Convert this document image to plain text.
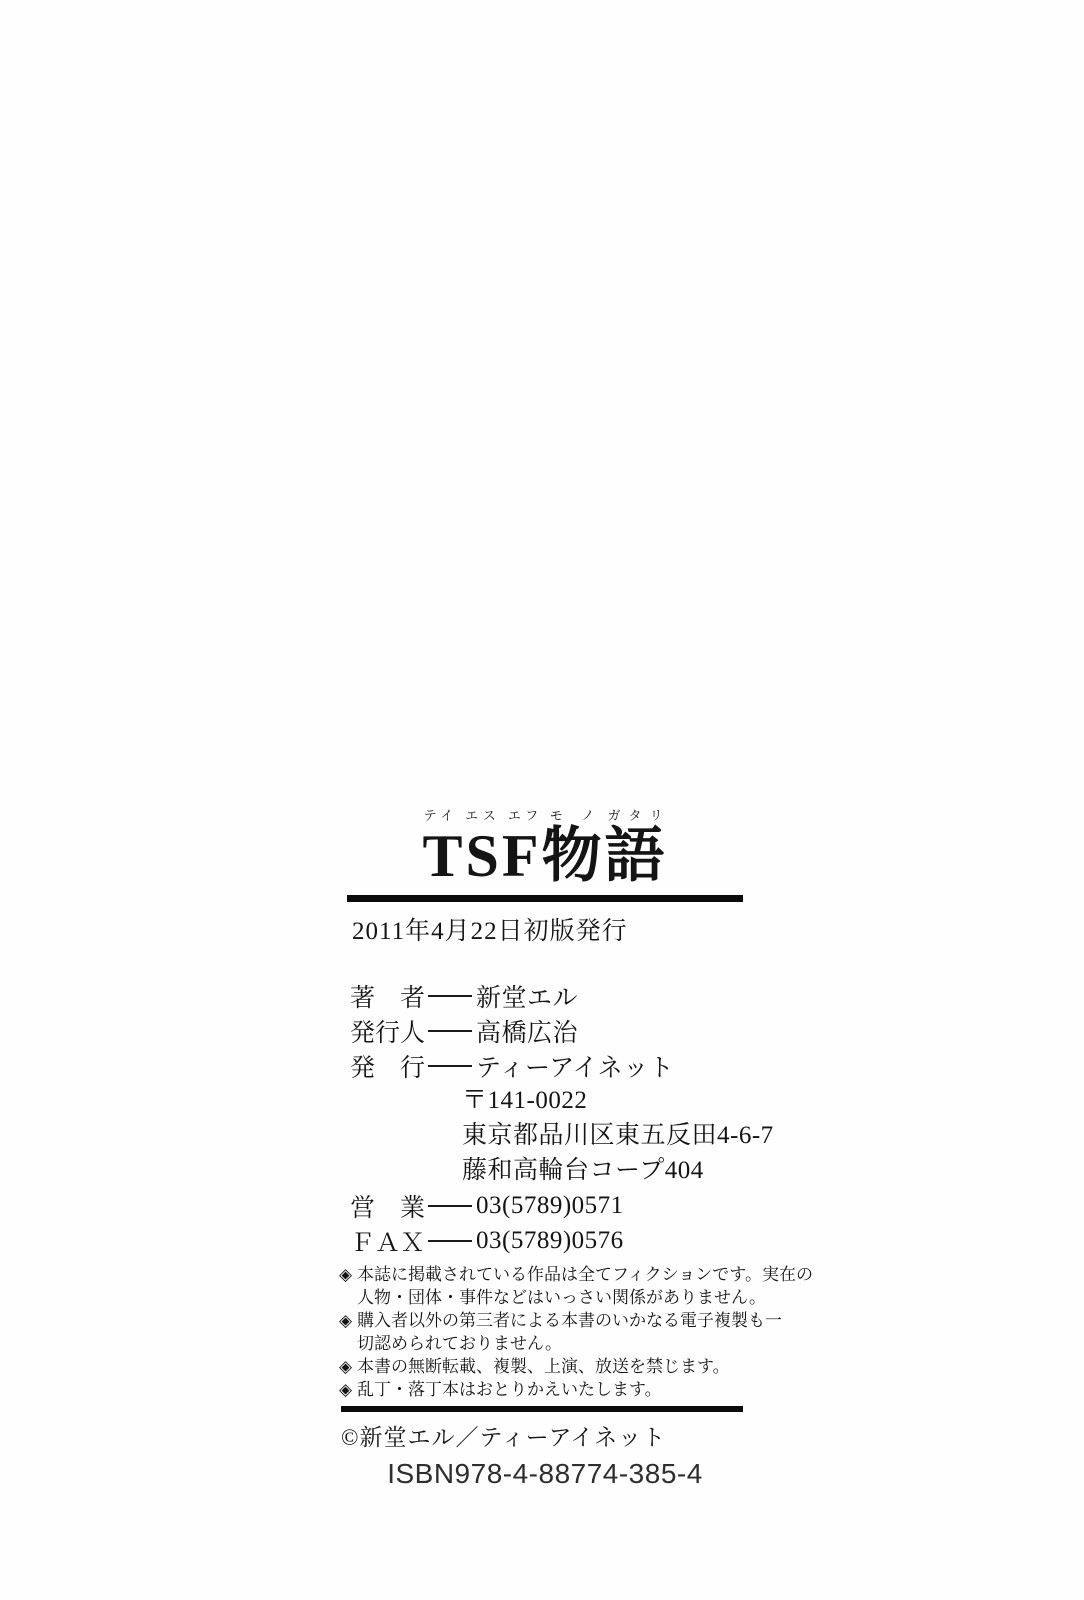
TSFテイ エス エフ物モノ語ガタリ
2011年4月22日初版発行
著　者 新堂エル
発行人 高橋広治
発　行 ティーアイネット
〒141-0022
東京都品川区東五反田4-6-7
藤和高輪台コープ404
営　業 03(5789)0571
ＦＡＸ 03(5789)0576
◈ 本誌に掲載されている作品は全てフィクションです。実在の
人物・団体・事件などはいっさい関係がありません。
◈ 購入者以外の第三者による本書のいかなる電子複製も一
切認められておりません。
◈ 本書の無断転載、複製、上演、放送を禁じます。
◈ 乱丁・落丁本はおとりかえいたします。
©新堂エル／ティーアイネット
ISBN978-4-88774-385-4
